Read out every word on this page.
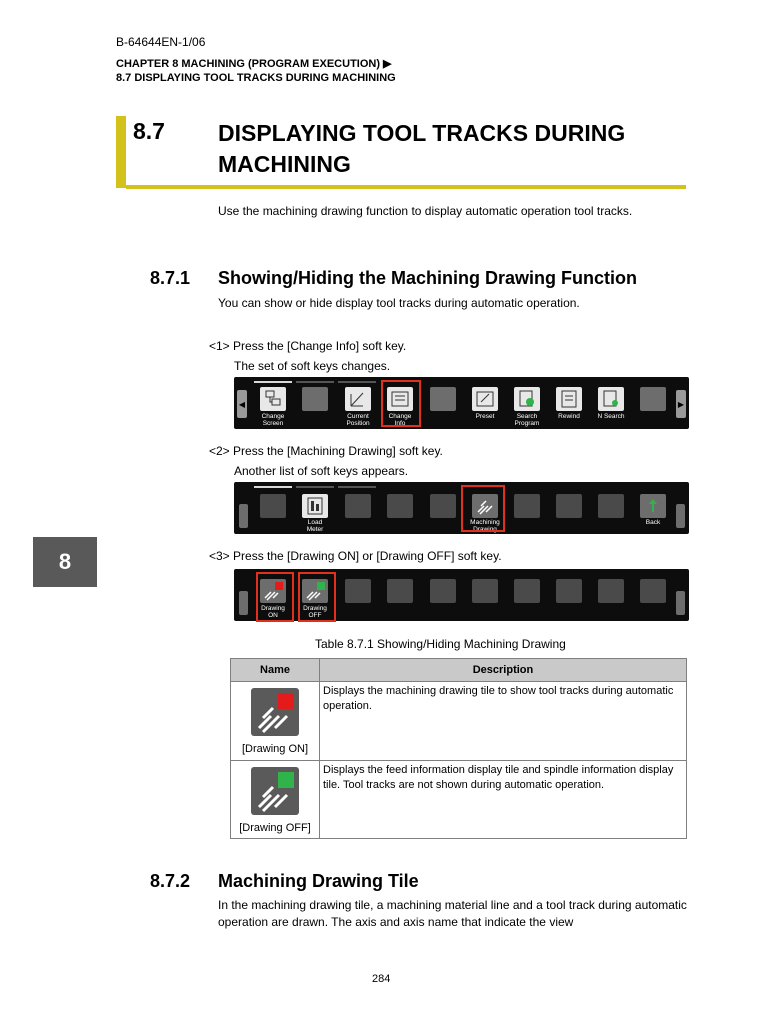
B-64644EN-1/06
CHAPTER 8 MACHINING (PROGRAM EXECUTION) ▶
8.7 DISPLAYING TOOL TRACKS DURING MACHINING
8.7 DISPLAYING TOOL TRACKS DURING MACHINING
Use the machining drawing function to display automatic operation tool tracks.
8
8.7.1 Showing/Hiding the Machining Drawing Function
You can show or hide display tool tracks during automatic operation.
<1> Press the [Change Info] soft key.
The set of soft keys changes.
◀
Change
Screen
Current
Position
Change
Info
Preset	Search
Program
Rewind	N Search
▶
<2> Press the [Machining Drawing] soft key.
Another list of soft keys appears.
Load
Meter
Machining
Drawing
Back
<3> Press the [Drawing ON] or [Drawing OFF] soft key.
Drawing
ON
Drawing
OFF
Table 8.7.1 Showing/Hiding Machining Drawing
Name	Description

[Drawing ON]	Displays the machining drawing tile to show tool tracks during automatic operation.

[Drawing OFF]	Displays the feed information display tile and spindle information display tile. Tool tracks are not shown during automatic operation.
8.7.2 Machining Drawing Tile
In the machining drawing tile, a machining material line and a tool track during automatic operation are drawn. The axis and axis name that indicate the view
284
